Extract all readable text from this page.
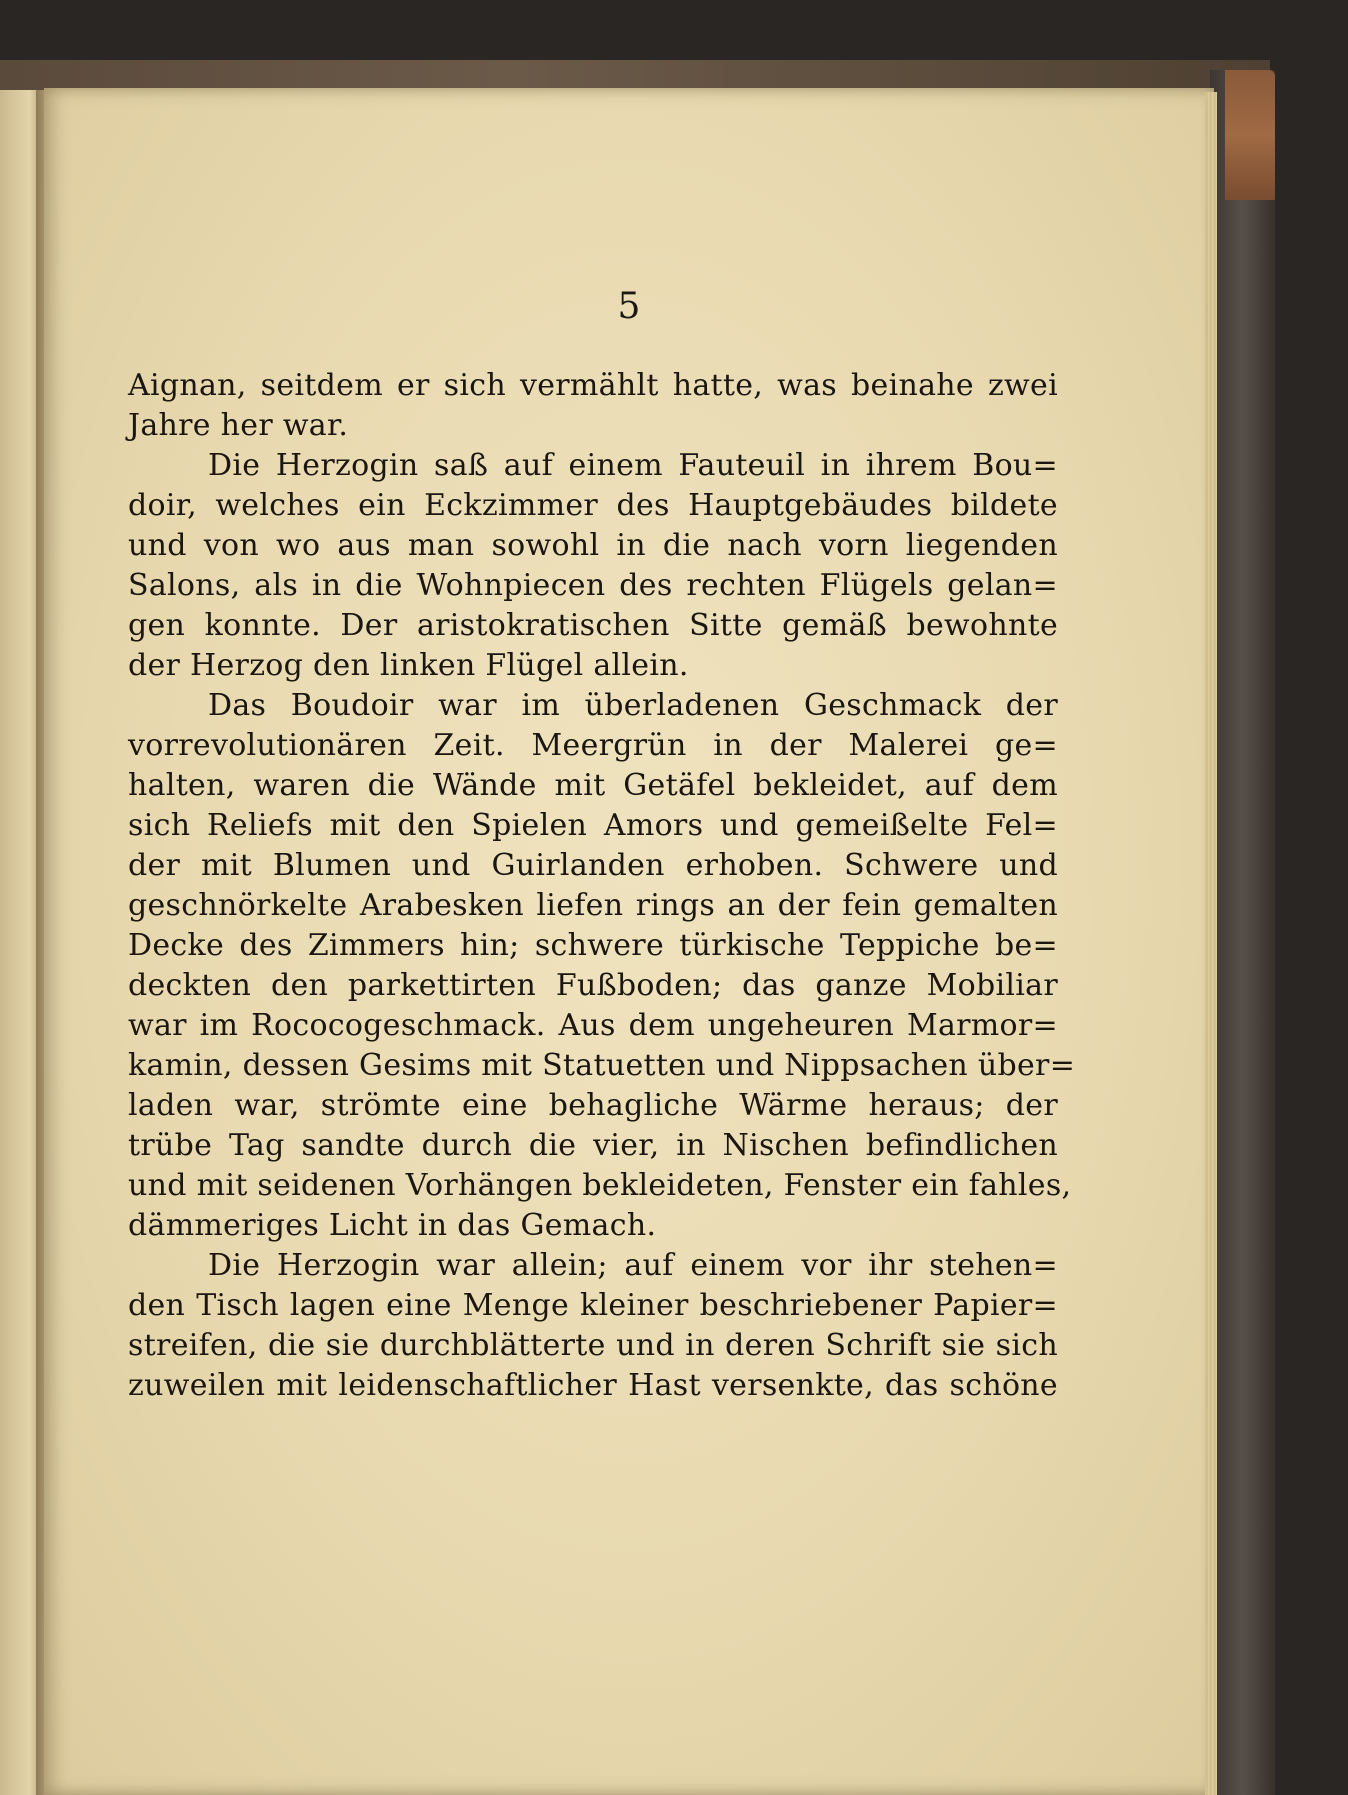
5
Aignan, seitdem er sich vermählt hatte, was beinahe zwei
Jahre her war.
Die Herzogin saß auf einem Fauteuil in ihrem Bou=
doir, welches ein Eckzimmer des Hauptgebäudes bildete
und von wo aus man sowohl in die nach vorn liegenden
Salons, als in die Wohnpiecen des rechten Flügels gelan=
gen konnte. Der aristokratischen Sitte gemäß bewohnte
der Herzog den linken Flügel allein.
Das Boudoir war im überladenen Geschmack der
vorrevolutionären Zeit. Meergrün in der Malerei ge=
halten, waren die Wände mit Getäfel bekleidet, auf dem
sich Reliefs mit den Spielen Amors und gemeißelte Fel=
der mit Blumen und Guirlanden erhoben. Schwere und
geschnörkelte Arabesken liefen rings an der fein gemalten
Decke des Zimmers hin; schwere türkische Teppiche be=
deckten den parkettirten Fußboden; das ganze Mobiliar
war im Rococogeschmack. Aus dem ungeheuren Marmor=
kamin, dessen Gesims mit Statuetten und Nippsachen über=
laden war, strömte eine behagliche Wärme heraus; der
trübe Tag sandte durch die vier, in Nischen befindlichen
und mit seidenen Vorhängen bekleideten, Fenster ein fahles,
dämmeriges Licht in das Gemach.
Die Herzogin war allein; auf einem vor ihr stehen=
den Tisch lagen eine Menge kleiner beschriebener Papier=
streifen, die sie durchblätterte und in deren Schrift sie sich
zuweilen mit leidenschaftlicher Hast versenkte, das schöne
